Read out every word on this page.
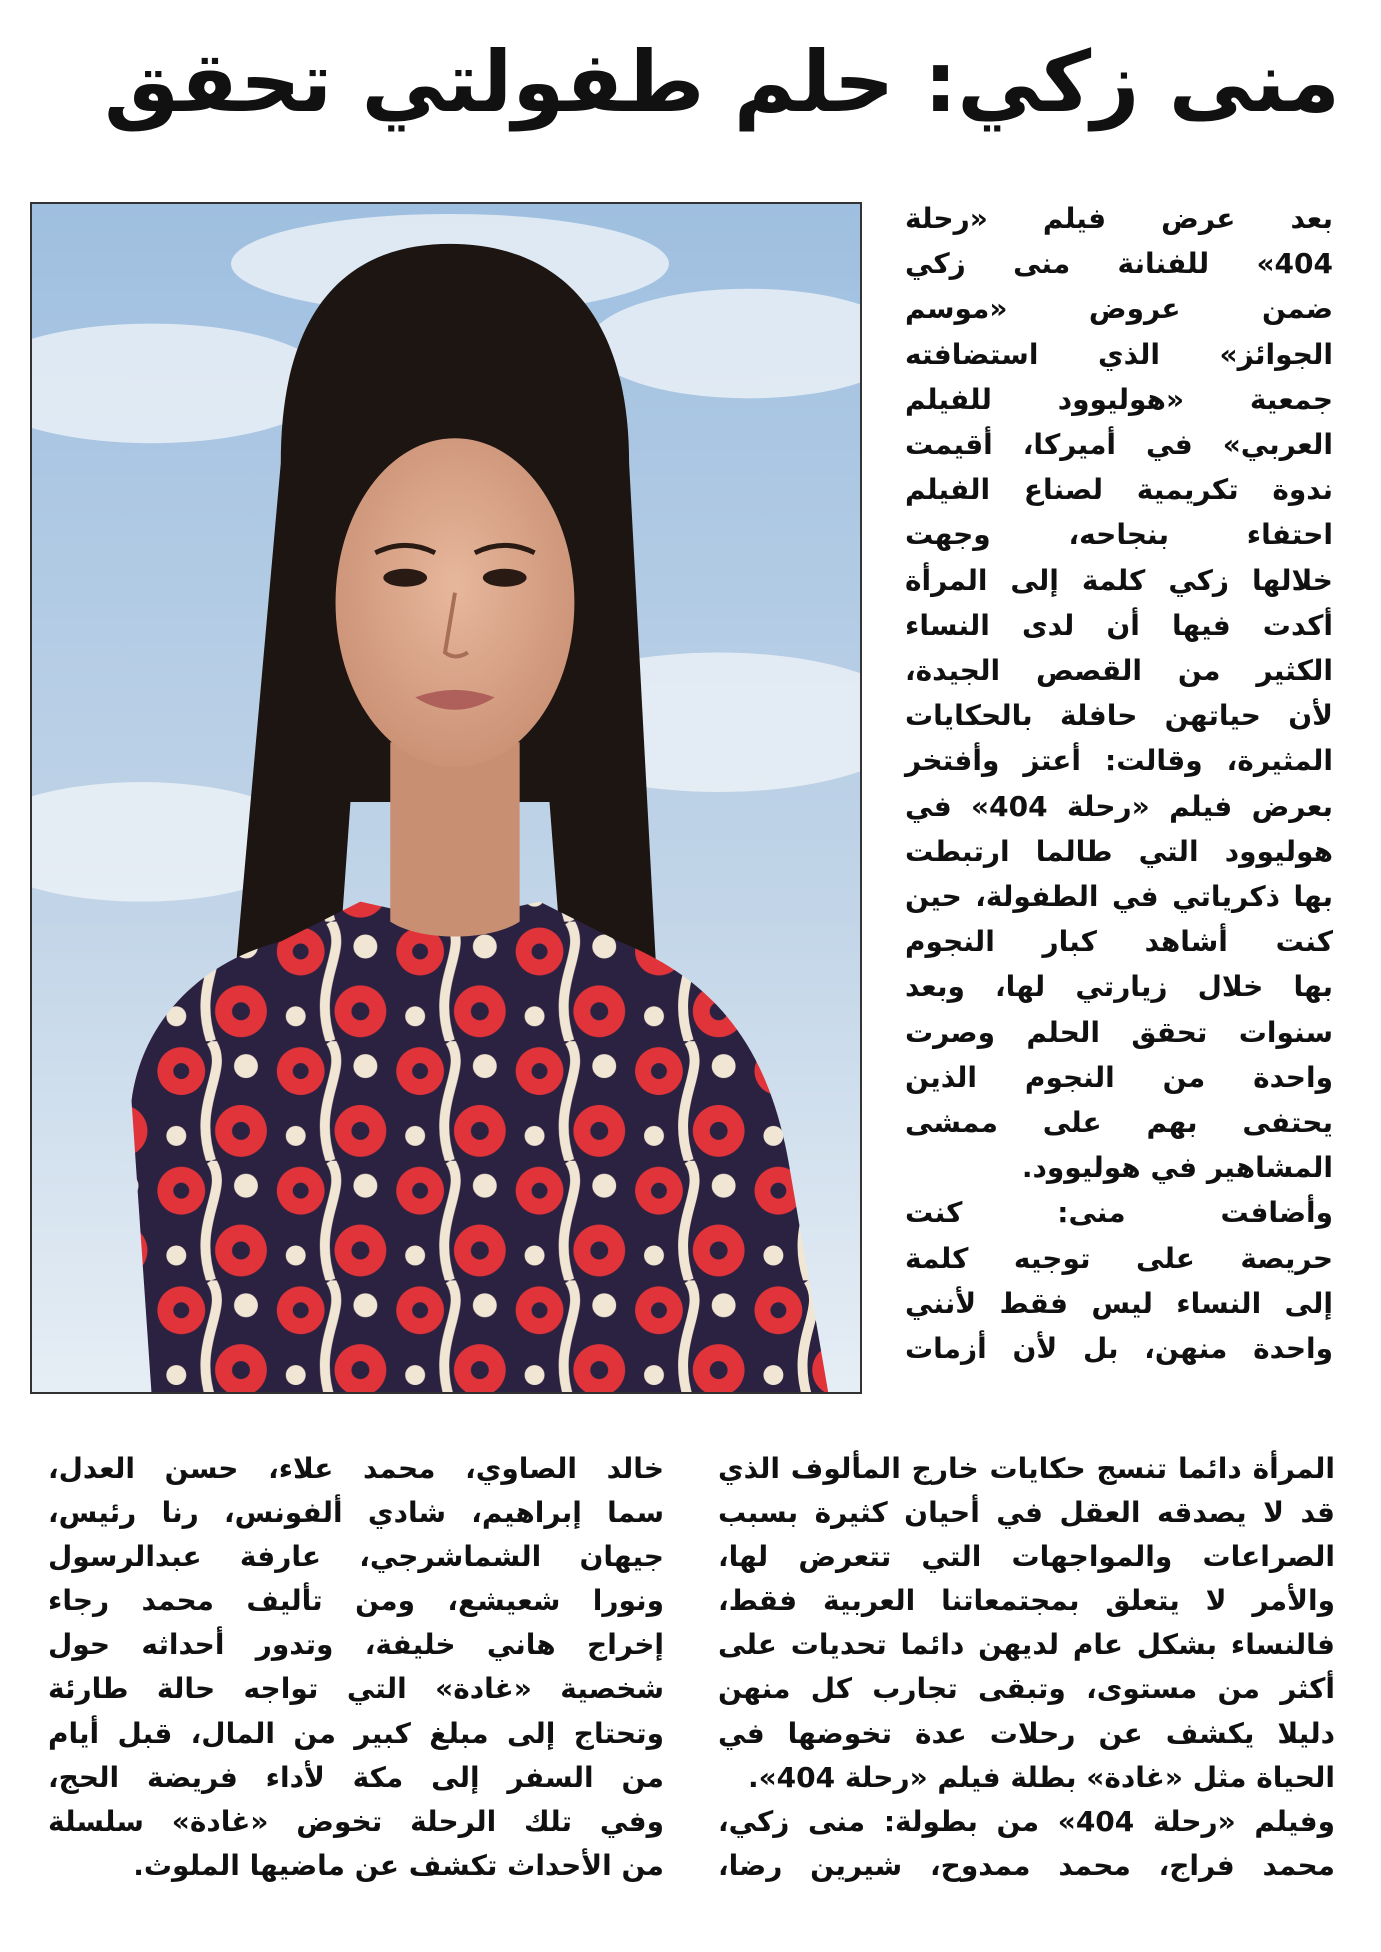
منى زكي: حلم طفولتي تحقق
بعد عرض فيلم «رحلة
404» للفنانة منى زكي
ضمن عروض «موسم
الجوائز» الذي استضافته
جمعية «هوليوود للفيلم
العربي» في أميركا، أقيمت
ندوة تكريمية لصناع الفيلم
احتفاء بنجاحه، وجهت
خلالها زكي كلمة إلى المرأة
أكدت فيها أن لدى النساء
الكثير من القصص الجيدة،
لأن حياتهن حافلة بالحكايات
المثيرة، وقالت: أعتز وأفتخر
بعرض فيلم «رحلة 404» في
هوليوود التي طالما ارتبطت
بها ذكرياتي في الطفولة، حين
كنت أشاهد كبار النجوم
بها خلال زيارتي لها، وبعد
سنوات تحقق الحلم وصرت
واحدة من النجوم الذين
يحتفى بهم على ممشى
المشاهير في هوليوود.
وأضافت منى: كنت
حريصة على توجيه كلمة
إلى النساء ليس فقط لأنني
واحدة منهن، بل لأن أزمات
المرأة دائما تنسج حكايات خارج المألوف الذي
قد لا يصدقه العقل في أحيان كثيرة بسبب
الصراعات والمواجهات التي تتعرض لها،
والأمر لا يتعلق بمجتمعاتنا العربية فقط،
فالنساء بشكل عام لديهن دائما تحديات على
أكثر من مستوى، وتبقى تجارب كل منهن
دليلا يكشف عن رحلات عدة تخوضها في
الحياة مثل «غادة» بطلة فيلم «رحلة 404».
وفيلم «رحلة 404» من بطولة: منى زكي،
محمد فراج، محمد ممدوح، شيرين رضا،
خالد الصاوي، محمد علاء، حسن العدل،
سما إبراهيم، شادي ألفونس، رنا رئيس،
جيهان الشماشرجي، عارفة عبدالرسول
ونورا شعيشع، ومن تأليف محمد رجاء
إخراج هاني خليفة، وتدور أحداثه حول
شخصية «غادة» التي تواجه حالة طارئة
وتحتاج إلى مبلغ كبير من المال، قبل أيام
من السفر إلى مكة لأداء فريضة الحج،
وفي تلك الرحلة تخوض «غادة» سلسلة
من الأحداث تكشف عن ماضيها الملوث.
